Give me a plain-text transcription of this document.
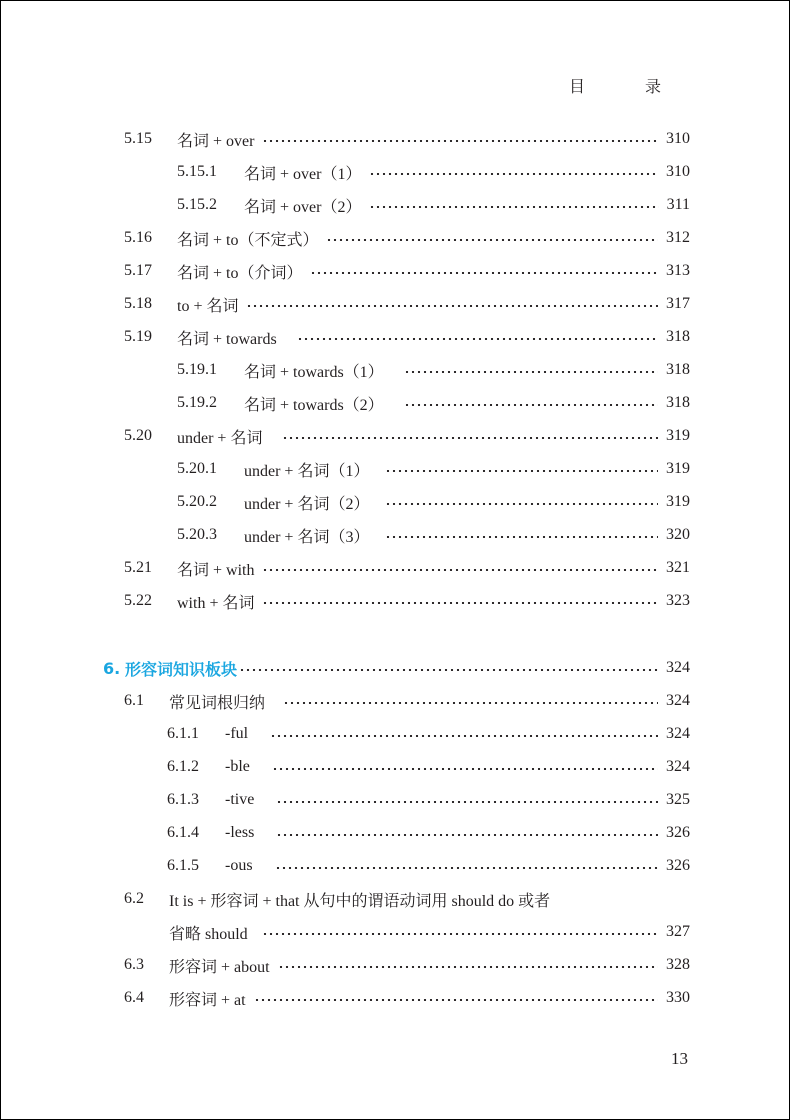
目 录
5.15	名词 + over	310
5.15.1	名词 + over（1）	310
5.15.2	名词 + over（2）	311
5.16	名词 + to（不定式）	312
5.17	名词 + to（介词）	313
5.18	to + 名词	317
5.19	名词 + towards	318
5.19.1	名词 + towards（1）	318
5.19.2	名词 + towards（2）	318
5.20	under + 名词	319
5.20.1	under + 名词（1）	319
5.20.2	under + 名词（2）	319
5.20.3	under + 名词（3）	320
5.21	名词 + with	321
5.22	with + 名词	323
6. 形容词知识板块	324
6.1	常见词根归纳	324
6.1.1	-ful	324
6.1.2	-ble	324
6.1.3	-tive	325
6.1.4	-less	326
6.1.5	-ous	326
6.2	It is + 形容词 + that 从句中的谓语动词用 should do 或者
省略 should	327
6.3	形容词 + about	328
6.4	形容词 + at	330
13
